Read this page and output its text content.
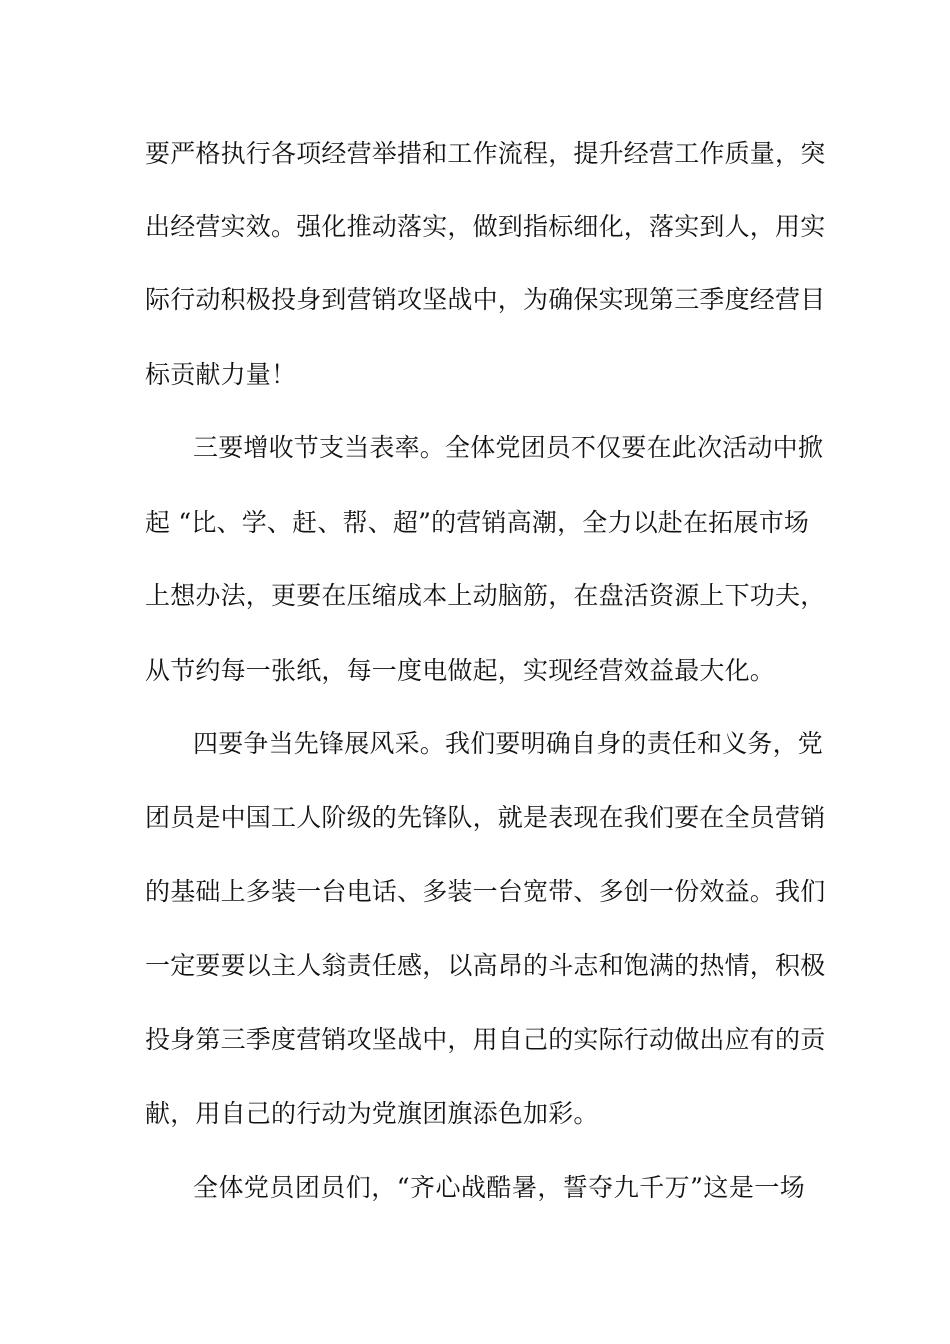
要严格执行各项经营举措和工作流程，提升经营工作质量，突
出经营实效。强化推动落实，做到指标细化，落实到人，用实
际行动积极投身到营销攻坚战中，为确保实现第三季度经营目
标贡献力量！
三要增收节支当表率。全体党团员不仅要在此次活动中掀
起 “比、学、赶、帮、超”的营销高潮，全力以赴在拓展市场
上想办法，更要在压缩成本上动脑筋，在盘活资源上下功夫，
从节约每一张纸，每一度电做起，实现经营效益最大化。
四要争当先锋展风采。我们要明确自身的责任和义务，党
团员是中国工人阶级的先锋队，就是表现在我们要在全员营销
的基础上多装一台电话、多装一台宽带、多创一份效益。我们
一定要要以主人翁责任感，以高昂的斗志和饱满的热情，积极
投身第三季度营销攻坚战中，用自己的实际行动做出应有的贡
献，用自己的行动为党旗团旗添色加彩。
全体党员团员们，“齐心战酷暑，誓夺九千万”这是一场
